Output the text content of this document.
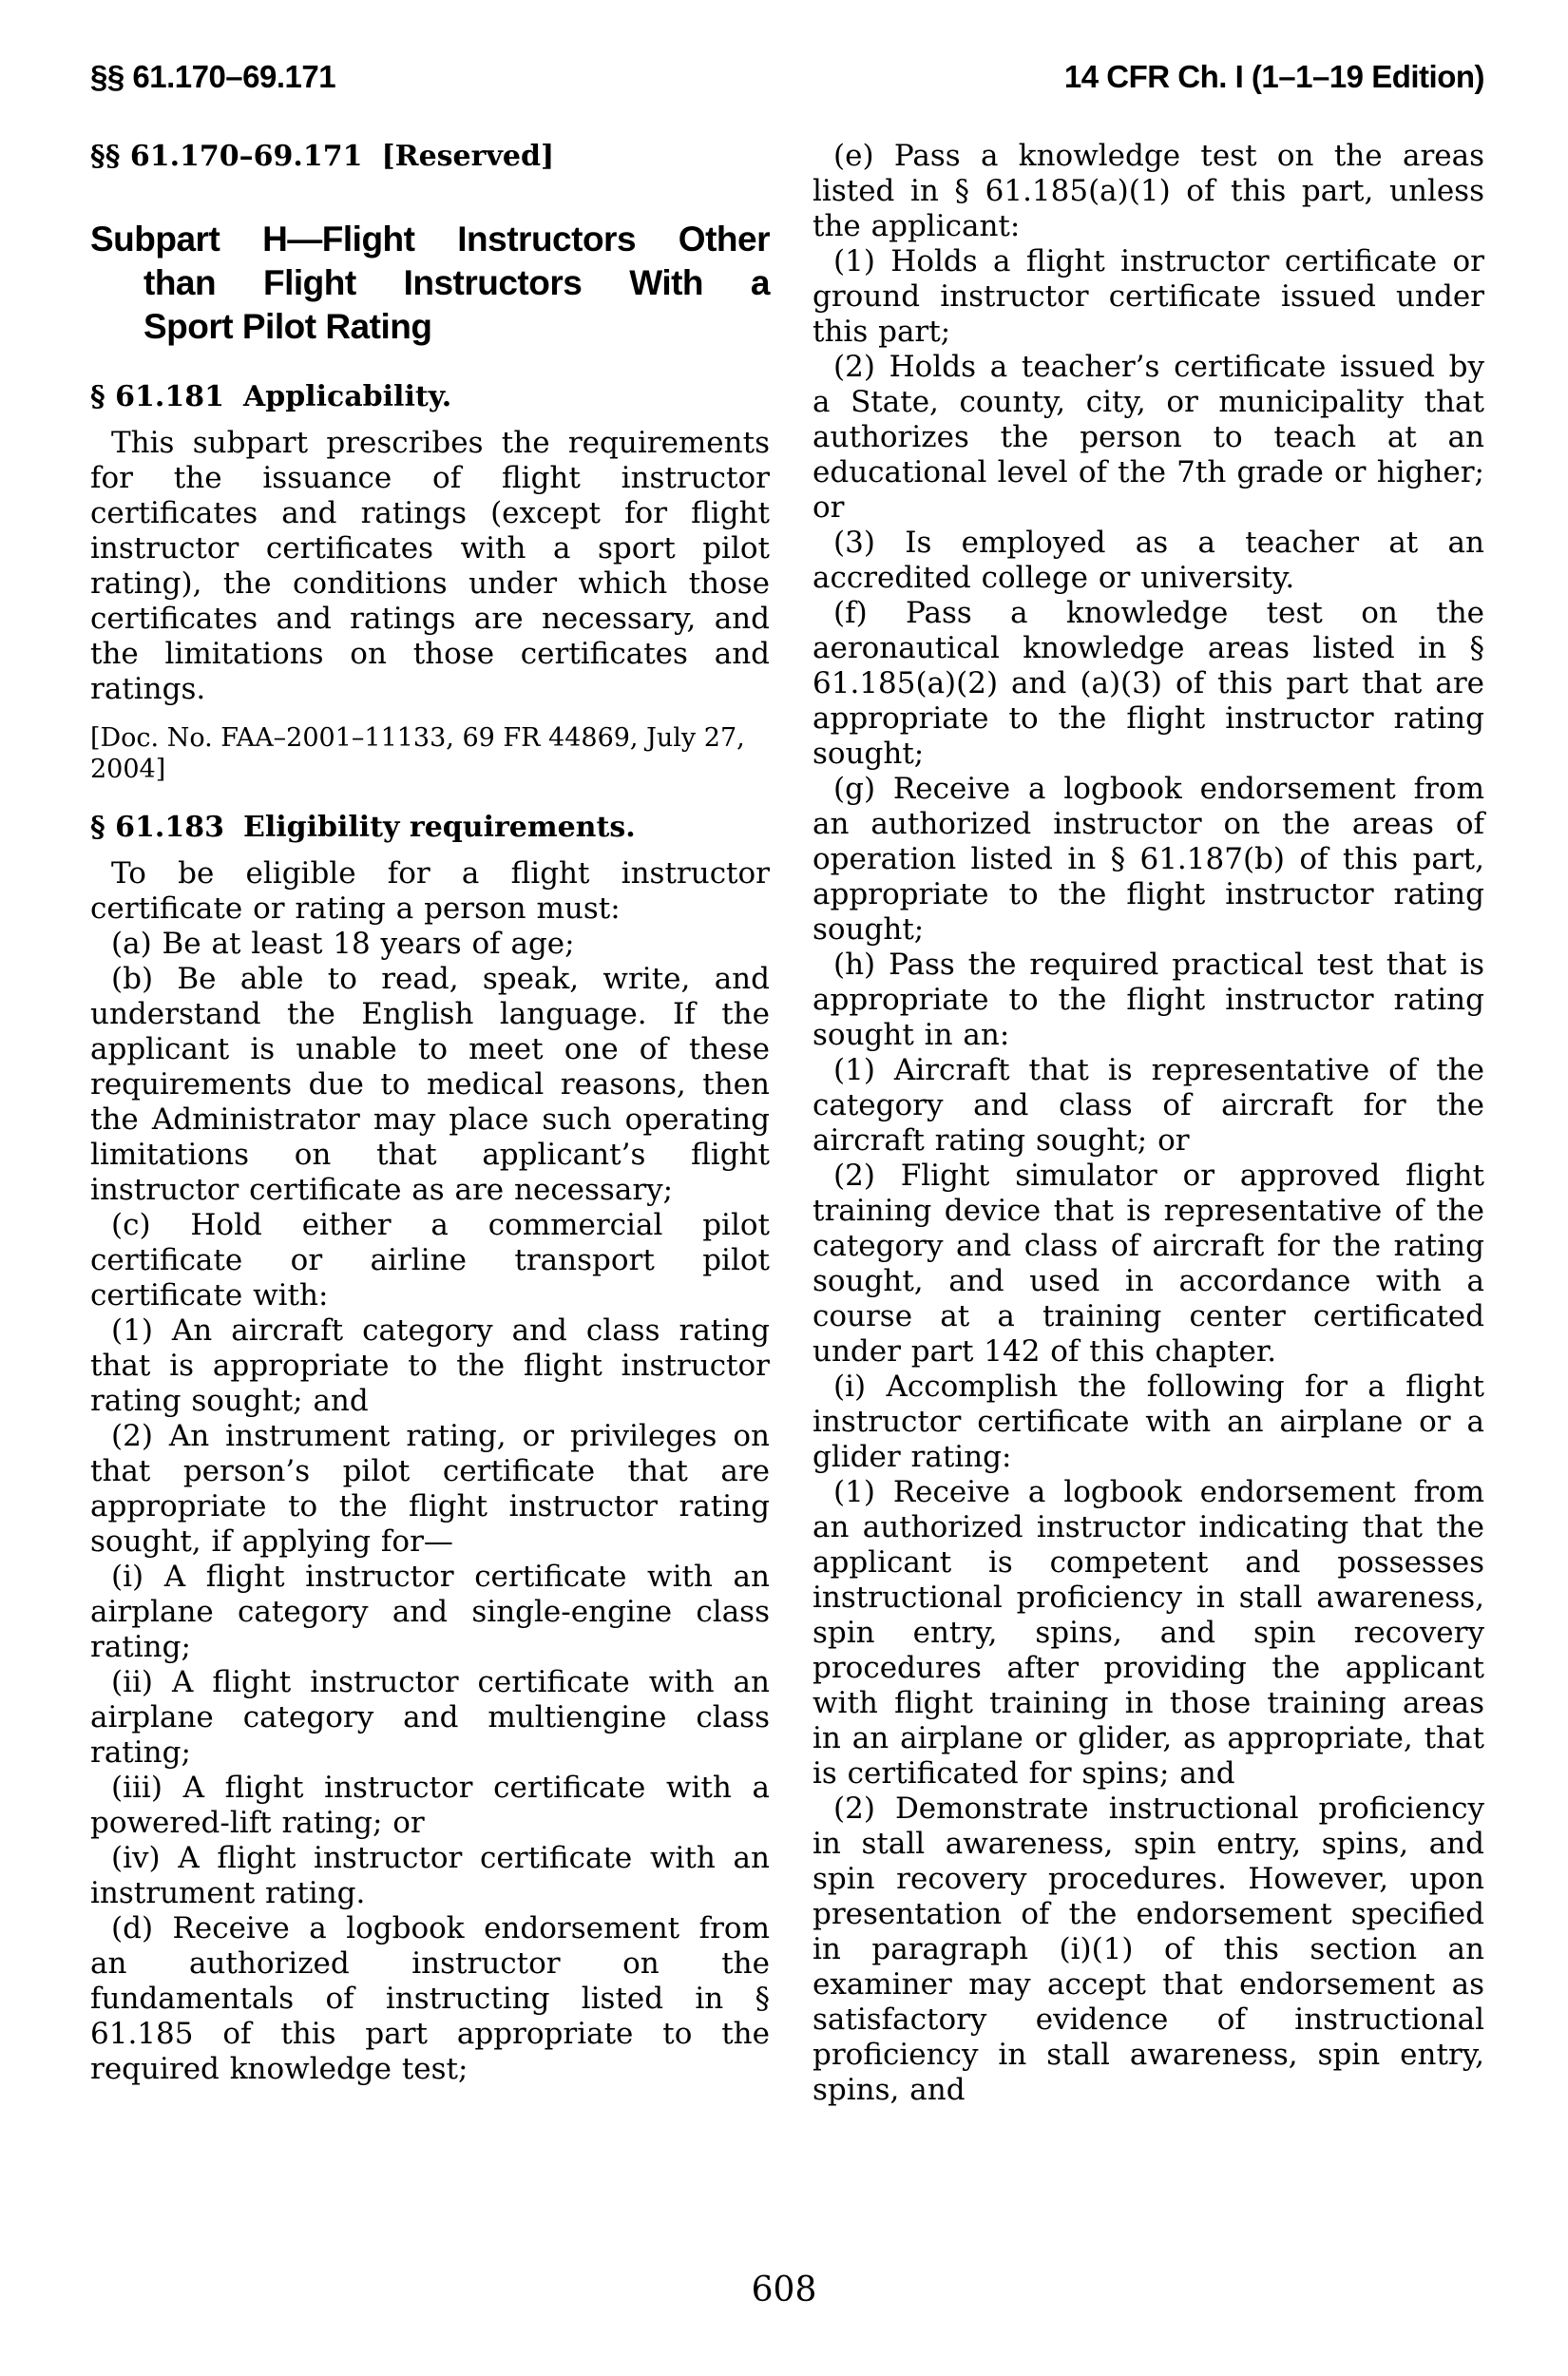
§§ 61.170–69.171	14 CFR Ch. I (1–1–19 Edition)

§§ 61.170–69.171 [Reserved]

Subpart H—Flight Instructors Other
than Flight Instructors With a
Sport Pilot Rating

§ 61.181 Applicability.

This subpart prescribes the requirements for the issuance of flight instructor certificates and ratings (except for flight instructor certificates with a sport pilot rating), the conditions under which those certificates and ratings are necessary, and the limitations on those certificates and ratings.

[Doc. No. FAA–2001–11133, 69 FR 44869, July 27, 2004]

§ 61.183 Eligibility requirements.

To be eligible for a flight instructor certificate or rating a person must:

(a) Be at least 18 years of age;

(b) Be able to read, speak, write, and understand the English language. If the applicant is unable to meet one of these requirements due to medical reasons, then the Administrator may place such operating limitations on that applicant’s flight instructor certificate as are necessary;

(c) Hold either a commercial pilot certificate or airline transport pilot certificate with:

(1) An aircraft category and class rating that is appropriate to the flight instructor rating sought; and

(2) An instrument rating, or privileges on that person’s pilot certificate that are appropriate to the flight instructor rating sought, if applying for—

(i) A flight instructor certificate with an airplane category and single-engine class rating;

(ii) A flight instructor certificate with an airplane category and multiengine class rating;

(iii) A flight instructor certificate with a powered-lift rating; or

(iv) A flight instructor certificate with an instrument rating.

(d) Receive a logbook endorsement from an authorized instructor on the fundamentals of instructing listed in § 61.185 of this part appropriate to the required knowledge test;

(e) Pass a knowledge test on the areas listed in § 61.185(a)(1) of this part, unless the applicant:

(1) Holds a flight instructor certificate or ground instructor certificate issued under this part;

(2) Holds a teacher’s certificate issued by a State, county, city, or municipality that authorizes the person to teach at an educational level of the 7th grade or higher; or

(3) Is employed as a teacher at an accredited college or university.

(f) Pass a knowledge test on the aeronautical knowledge areas listed in § 61.185(a)(2) and (a)(3) of this part that are appropriate to the flight instructor rating sought;

(g) Receive a logbook endorsement from an authorized instructor on the areas of operation listed in § 61.187(b) of this part, appropriate to the flight instructor rating sought;

(h) Pass the required practical test that is appropriate to the flight instructor rating sought in an:

(1) Aircraft that is representative of the category and class of aircraft for the aircraft rating sought; or

(2) Flight simulator or approved flight training device that is representative of the category and class of aircraft for the rating sought, and used in accordance with a course at a training center certificated under part 142 of this chapter.

(i) Accomplish the following for a flight instructor certificate with an airplane or a glider rating:

(1) Receive a logbook endorsement from an authorized instructor indicating that the applicant is competent and possesses instructional proficiency in stall awareness, spin entry, spins, and spin recovery procedures after providing the applicant with flight training in those training areas in an airplane or glider, as appropriate, that is certificated for spins; and

(2) Demonstrate instructional proficiency in stall awareness, spin entry, spins, and spin recovery procedures. However, upon presentation of the endorsement specified in paragraph (i)(1) of this section an examiner may accept that endorsement as satisfactory evidence of instructional proficiency in stall awareness, spin entry, spins, and

608
